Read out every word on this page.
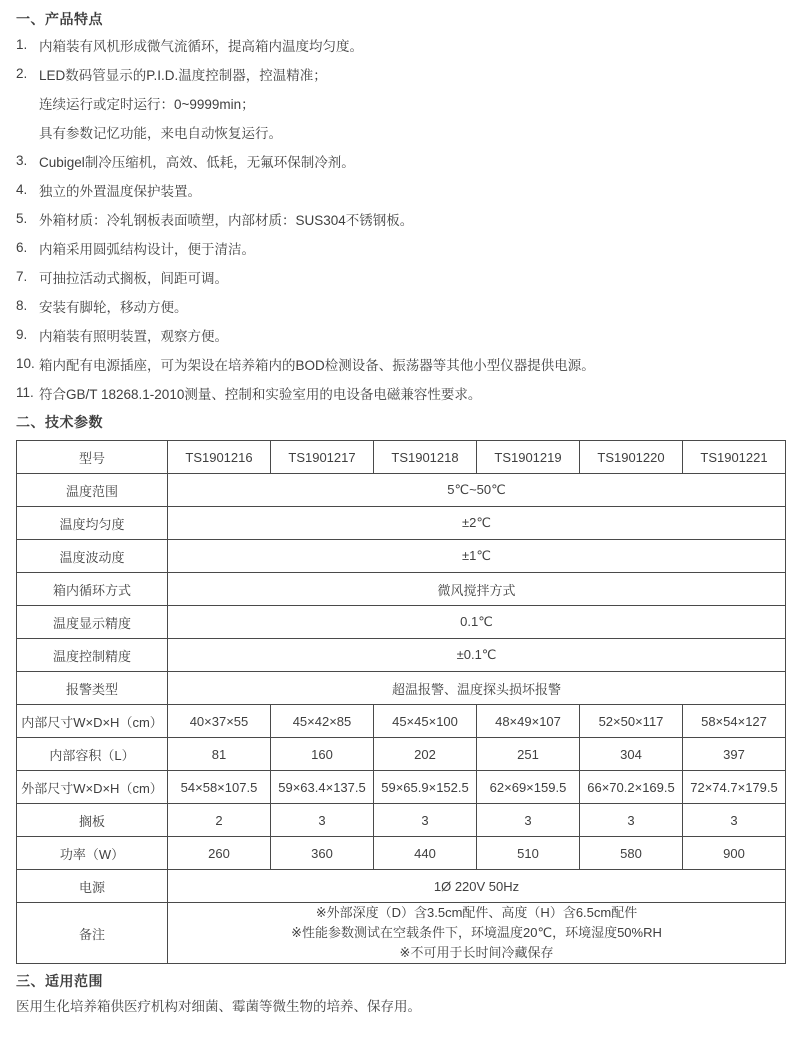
一、产品特点
1. 内箱装有风机形成微气流循环，提高箱内温度均匀度。
2. LED数码管显示的P.I.D.温度控制器，控温精准；
连续运行或定时运行：0~9999min；
具有参数记忆功能，来电自动恢复运行。
3. Cubigel制冷压缩机，高效、低耗，无氟环保制冷剂。
4. 独立的外置温度保护装置。
5. 外箱材质：冷轧钢板表面喷塑，内部材质：SUS304不锈钢板。
6. 内箱采用圆弧结构设计，便于清洁。
7. 可抽拉活动式搁板，间距可调。
8. 安装有脚轮，移动方便。
9. 内箱装有照明装置，观察方便。
10. 箱内配有电源插座，可为架设在培养箱内的BOD检测设备、振荡器等其他小型仪器提供电源。
11. 符合GB/T 18268.1-2010测量、控制和实验室用的电设备电磁兼容性要求。
二、技术参数
型号	TS1901216	TS1901217	TS1901218	TS1901219	TS1901220	TS1901221
温度范围	5℃~50℃					
温度均匀度	±2℃					
温度波动度	±1℃					
箱内循环方式	微风搅拌方式					
温度显示精度	0.1℃					
温度控制精度	±0.1℃					
报警类型	超温报警、温度探头损坏报警					
内部尺寸W×D×H（cm）	40×37×55	45×42×85	45×45×100	48×49×107	52×50×117	58×54×127
内部容积（L）	81	160	202	251	304	397
外部尺寸W×D×H（cm）	54×58×107.5	59×63.4×137.5	59×65.9×152.5	62×69×159.5	66×70.2×169.5	72×74.7×179.5
搁板	2	3	3	3	3	3
功率（W）	260	360	440	510	580	900
电源	1Ø 220V 50Hz					
备注	※外部深度（D）含3.5cm配件、高度（H）含6.5cm配件
※性能参数测试在空载条件下，环境温度20℃，环境湿度50%RH
※不可用于长时间冷藏保存					
三、适用范围
医用生化培养箱供医疗机构对细菌、霉菌等微生物的培养、保存用。
